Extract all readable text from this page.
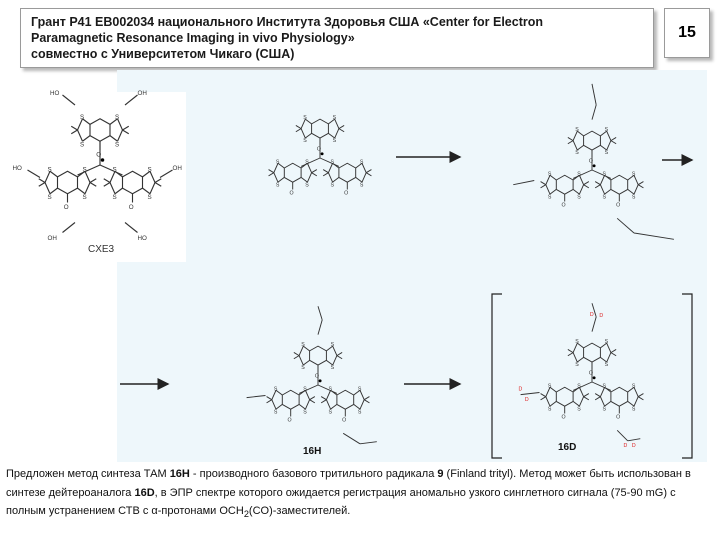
Грант P41 EB002034 национального Института Здоровья США «Center for Electron
Paramagnetic Resonance Imaging in vivo Physiology»
совместно с Университетом Чикаго (США)
15
S
HO	OH
HO	OH
OH	HO
D
D
D
D
D D
CXE3
16H	16D
Предложен метод синтеза ТАМ 16H - производного базового тритильного радикала 9 (Finland trityl). Метод может быть использован в синтезе дейтероаналога 16D, в ЭПР спектре которого ожидается регистрация аномально узкого синглетного сигнала (75-90 mG) с полным устранением СТВ с α-протонами $OCH_2(CO)$-заместителей.
